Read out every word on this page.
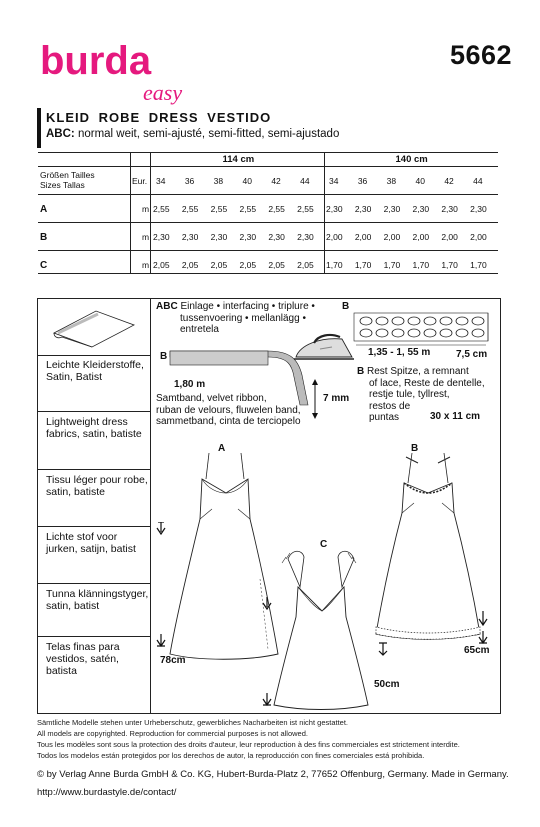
burda
easy
5662
KLEID ROBE DRESS VESTIDO
ABC: normal weit, semi-ajusté, semi-fitted, semi-ajustado
114 cm	140 cm
Größen Tailles
Sizes Tallas	Eur. 34 36 38 40 42 44 34 36 38 40 42 44
A	m 2,55 2,55 2,55 2,55 2,55 2,55 2,30 2,30 2,30 2,30 2,30 2,30
B	m 2,30 2,30 2,30 2,30 2,30 2,30 2,00 2,00 2,00 2,00 2,00 2,00
C	m 2,05 2,05 2,05 2,05 2,05 2,05 1,70 1,70 1,70 1,70 1,70 1,70
Leichte Kleiderstoffe, Satin, Batist
Lightweight dress fabrics, satin, batiste
Tissu léger pour robe, satin, batiste
Lichte stof voor jurken, satijn, batist
Tunna klänningstyger, satin, batist
Telas finas para vestidos, satén, batista
ABC Einlage • interfacing • triplure •
tussenvoering • mellanlägg •
entretela
B
1,35 - 1, 55 m	7,5 cm
B
1,80 m
7 mm
Samtband, velvet ribbon,
ruban de velours, fluwelen band,
sammetband, cinta de terciopelo
B Rest Spitze, a remnant
of lace, Reste de dentelle,
restje tule, tyllrest,
restos de
puntas	30 x 11 cm
A
78cm
C
50cm
B
65cm
Sämtliche Modelle stehen unter Urheberschutz, gewerbliches Nacharbeiten ist nicht gestattet.
All models are copyrighted. Reproduction for commercial purposes is not allowed.
Tous les modèles sont sous la protection des droits d'auteur, leur reproduction à des fins commerciales est strictement interdite.
Todos los modelos están protegidos por los derechos de autor, la reproducción con fines comerciales está prohibida.
© by Verlag Anne Burda GmbH & Co. KG, Hubert-Burda-Platz 2, 77652 Offenburg, Germany. Made in Germany.
http://www.burdastyle.de/contact/
